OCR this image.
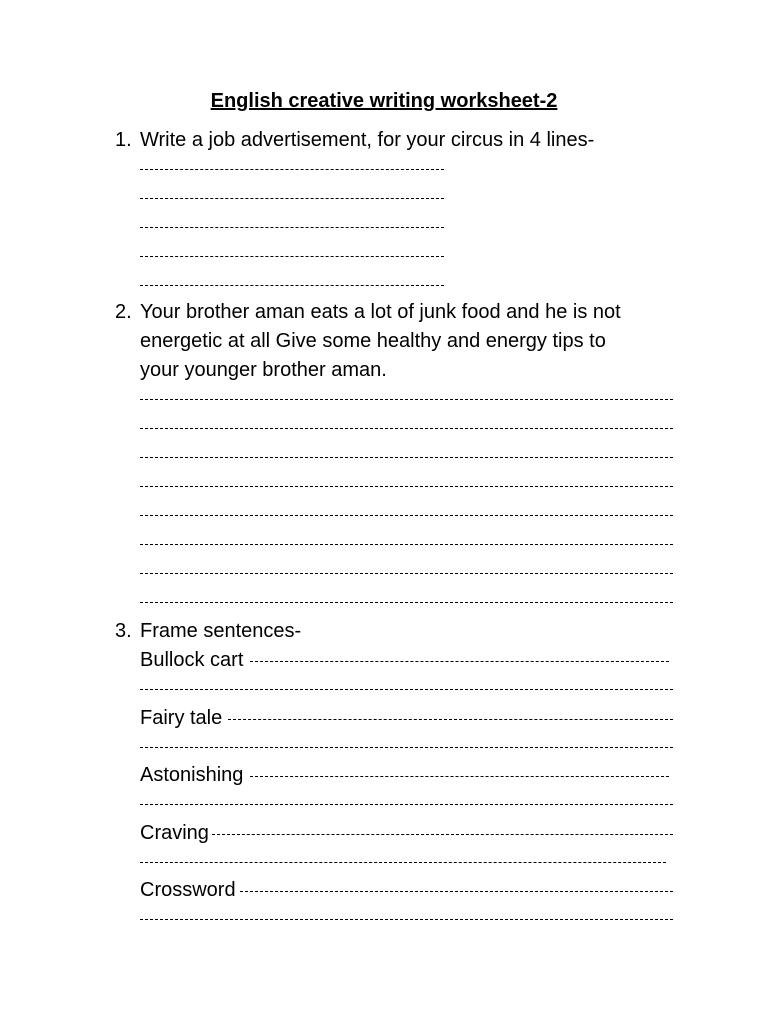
English creative writing worksheet-2
1. Write a job advertisement, for your circus in 4 lines-
2. Your brother aman eats a lot of junk food and he is not
energetic at all Give some healthy and energy tips to
your younger brother aman.
3. Frame sentences-
Bullock cart
Fairy tale
Astonishing
Craving
Crossword
